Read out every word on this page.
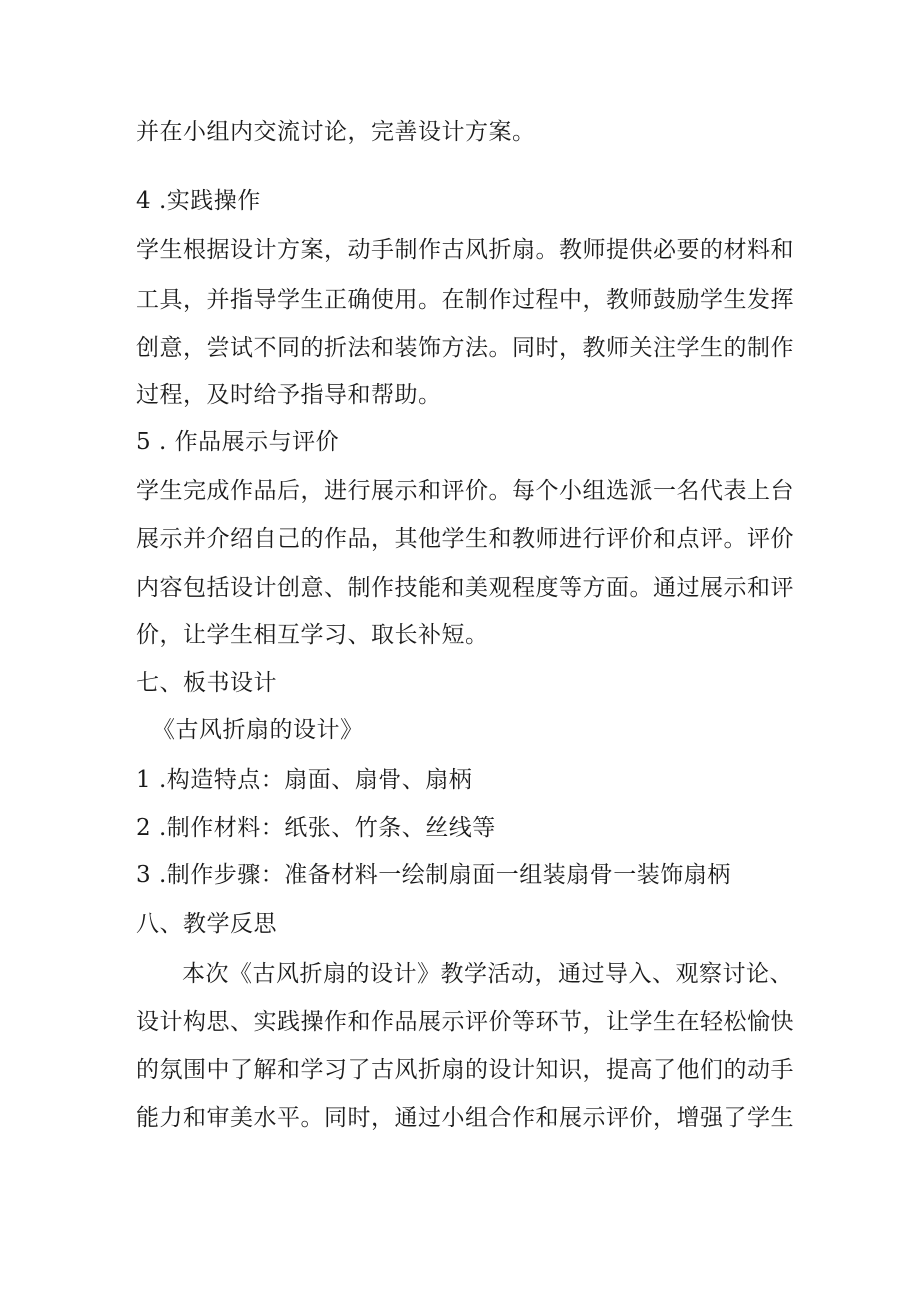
并在小组内交流讨论，完善设计方案。
4 .实践操作
学生根据设计方案，动手制作古风折扇。教师提供必要的材料和
工具，并指导学生正确使用。在制作过程中，教师鼓励学生发挥
创意，尝试不同的折法和装饰方法。同时，教师关注学生的制作
过程，及时给予指导和帮助。
5 . 作品展示与评价
学生完成作品后，进行展示和评价。每个小组选派一名代表上台
展示并介绍自己的作品，其他学生和教师进行评价和点评。评价
内容包括设计创意、制作技能和美观程度等方面。通过展示和评
价，让学生相互学习、取长补短。
七、板书设计
《古风折扇的设计》
1 .构造特点：扇面、扇骨、扇柄
2 .制作材料：纸张、竹条、丝线等
3 .制作步骤：准备材料一绘制扇面一组装扇骨一装饰扇柄
八、教学反思
本次《古风折扇的设计》教学活动，通过导入、观察讨论、
设计构思、实践操作和作品展示评价等环节，让学生在轻松愉快
的氛围中了解和学习了古风折扇的设计知识，提高了他们的动手
能力和审美水平。同时，通过小组合作和展示评价，增强了学生
